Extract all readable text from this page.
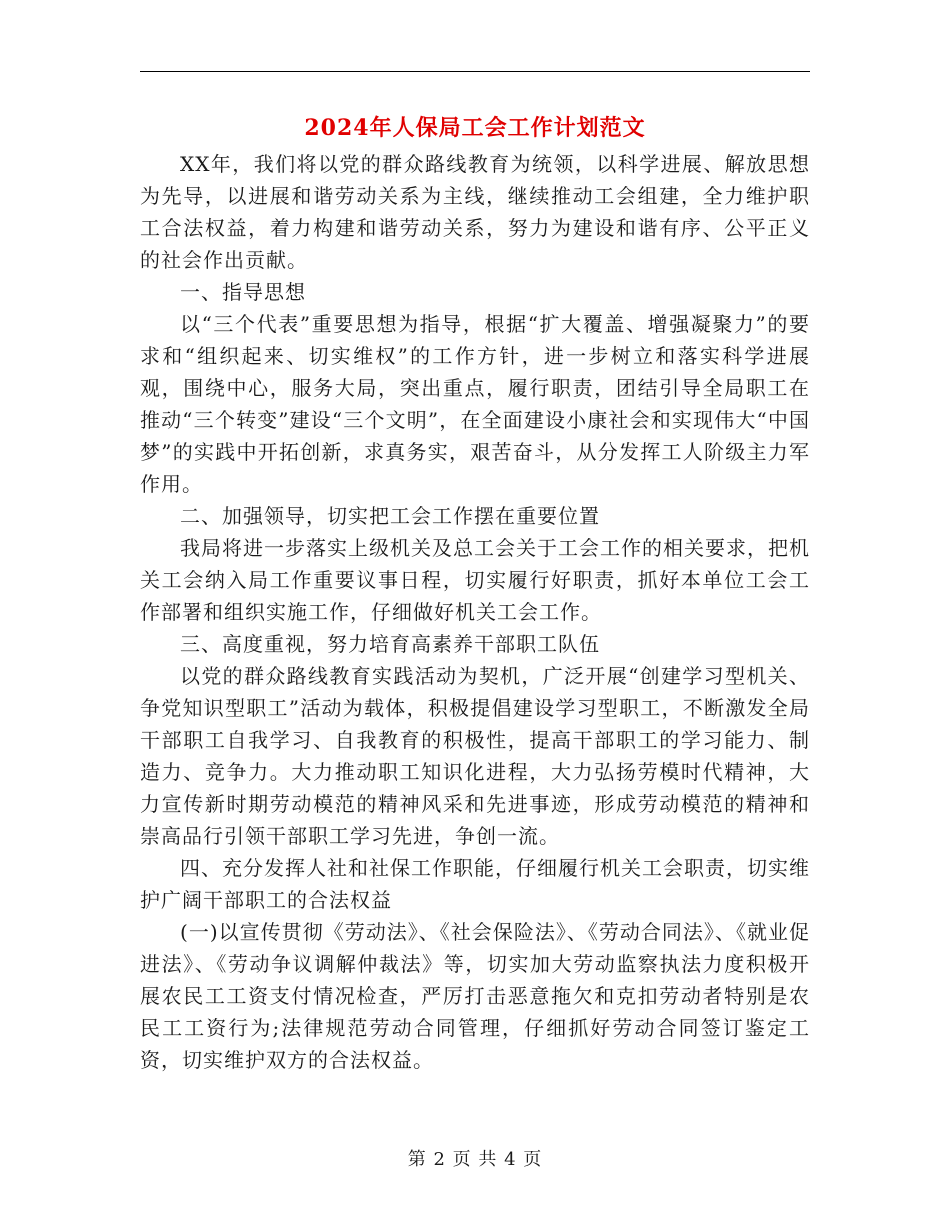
2024年人保局工会工作计划范文

XX年，我们将以党的群众路线教育为统领，以科学进展、解放思想为先导，以进展和谐劳动关系为主线，继续推动工会组建，全力维护职工合法权益，着力构建和谐劳动关系，努力为建设和谐有序、公平正义的社会作出贡献。

一、指导思想

以“三个代表”重要思想为指导，根据“扩大覆盖、增强凝聚力”的要求和“组织起来、切实维权”的工作方针，进一步树立和落实科学进展观，围绕中心，服务大局，突出重点，履行职责，团结引导全局职工在推动“三个转变”建设“三个文明”，在全面建设小康社会和实现伟大“中国梦”的实践中开拓创新，求真务实，艰苦奋斗，从分发挥工人阶级主力军作用。

二、加强领导，切实把工会工作摆在重要位置

我局将进一步落实上级机关及总工会关于工会工作的相关要求，把机关工会纳入局工作重要议事日程，切实履行好职责，抓好本单位工会工作部署和组织实施工作，仔细做好机关工会工作。

三、高度重视，努力培育高素养干部职工队伍

以党的群众路线教育实践活动为契机，广泛开展“创建学习型机关、争党知识型职工”活动为载体，积极提倡建设学习型职工，不断激发全局干部职工自我学习、自我教育的积极性，提高干部职工的学习能力、制造力、竞争力。大力推动职工知识化进程，大力弘扬劳模时代精神，大力宣传新时期劳动模范的精神风采和先进事迹，形成劳动模范的精神和崇高品行引领干部职工学习先进，争创一流。

四、充分发挥人社和社保工作职能，仔细履行机关工会职责，切实维护广阔干部职工的合法权益

(一)以宣传贯彻《劳动法》、《社会保险法》、《劳动合同法》、《就业促进法》、《劳动争议调解仲裁法》等，切实加大劳动监察执法力度积极开展农民工工资支付情况检查，严厉打击恶意拖欠和克扣劳动者特别是农民工工资行为;法律规范劳动合同管理，仔细抓好劳动合同签订鉴定工资，切实维护双方的合法权益。

第 2 页 共 4 页
